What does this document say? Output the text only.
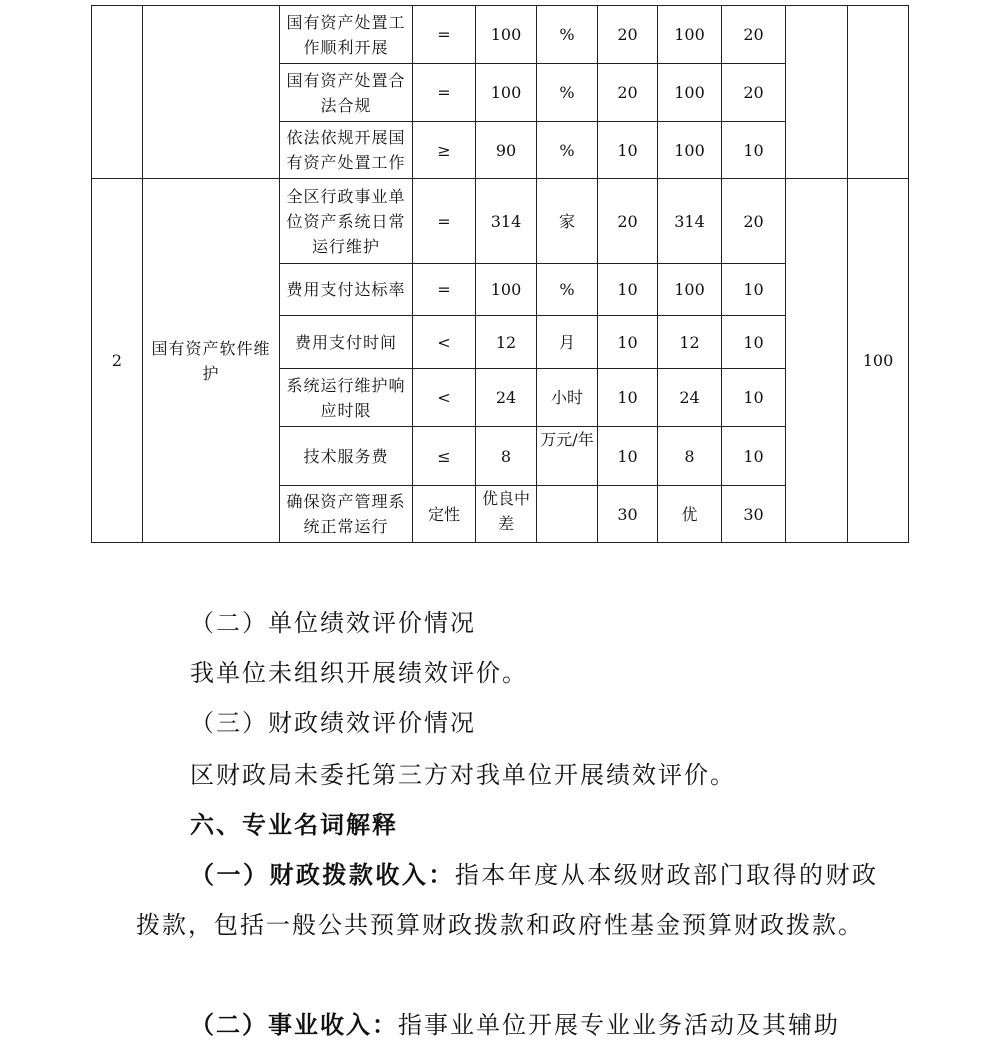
		国有资产处置工作顺利开展	=	100	%	20	100	20		

		国有资产处置合法合规	=	100	%	20	100	20		

		依法依规开展国有资产处置工作	≥	90	%	10	100	10		
2	国有资产软件维护	全区行政事业单位资产系统日常运行维护	=	314	家	20	314	20		100

		费用支付达标率	=	100	%	10	100	10		

		费用支付时间	<	12	月	10	12	10		

		系统运行维护响应时限	<	24	小时	10	24	10		

		技术服务费	≤	8	万元/年	10	8	10		

		确保资产管理系统正常运行	定性	优良中差		30	优	30		

（二）单位绩效评价情况

我单位未组织开展绩效评价。

（三）财政绩效评价情况

区财政局未委托第三方对我单位开展绩效评价。

六、专业名词解释

（一）财政拨款收入：指本年度从本级财政部门取得的财政拨款，包括一般公共预算财政拨款和政府性基金预算财政拨款。

（二）事业收入：指事业单位开展专业业务活动及其辅助
